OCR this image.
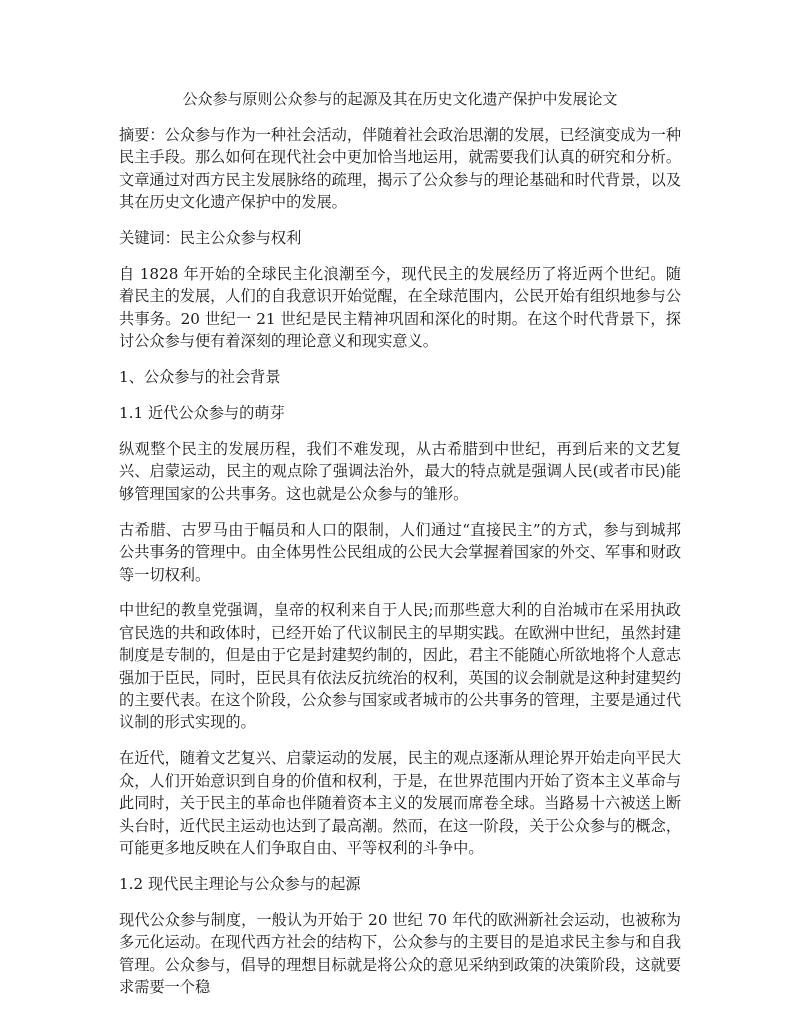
公众参与原则公众参与的起源及其在历史文化遗产保护中发展论文

摘要：公众参与作为一种社会活动，伴随着社会政治思潮的发展，已经演变成为一种民主手段。那么如何在现代社会中更加恰当地运用，就需要我们认真的研究和分析。文章通过对西方民主发展脉络的疏理，揭示了公众参与的理论基础和时代背景，以及其在历史文化遗产保护中的发展。

关键词：民主公众参与权利

自 1828 年开始的全球民主化浪潮至今，现代民主的发展经历了将近两个世纪。随着民主的发展，人们的自我意识开始觉醒，在全球范围内，公民开始有组织地参与公共事务。20 世纪一 21 世纪是民主精神巩固和深化的时期。在这个时代背景下，探讨公众参与便有着深刻的理论意义和现实意义。

1、公众参与的社会背景

1.1 近代公众参与的萌芽

纵观整个民主的发展历程，我们不难发现，从古希腊到中世纪，再到后来的文艺复兴、启蒙运动，民主的观点除了强调法治外，最大的特点就是强调人民(或者市民)能够管理国家的公共事务。这也就是公众参与的雏形。

古希腊、古罗马由于幅员和人口的限制，人们通过“直接民主”的方式，参与到城邦公共事务的管理中。由全体男性公民组成的公民大会掌握着国家的外交、军事和财政等一切权利。

中世纪的教皇党强调，皇帝的权利来自于人民;而那些意大利的自治城市在采用执政官民选的共和政体时，已经开始了代议制民主的早期实践。在欧洲中世纪，虽然封建制度是专制的，但是由于它是封建契约制的，因此，君主不能随心所欲地将个人意志强加于臣民，同时，臣民具有依法反抗统治的权利，英国的议会制就是这种封建契约的主要代表。在这个阶段，公众参与国家或者城市的公共事务的管理，主要是通过代议制的形式实现的。

在近代，随着文艺复兴、启蒙运动的发展，民主的观点逐渐从理论界开始走向平民大众，人们开始意识到自身的价值和权利，于是，在世界范围内开始了资本主义革命与此同时，关于民主的革命也伴随着资本主义的发展而席卷全球。当路易十六被送上断头台时，近代民主运动也达到了最高潮。然而，在这一阶段，关于公众参与的概念，可能更多地反映在人们争取自由、平等权利的斗争中。

1.2 现代民主理论与公众参与的起源

现代公众参与制度，一般认为开始于 20 世纪 70 年代的欧洲新社会运动，也被称为多元化运动。在现代西方社会的结构下，公众参与的主要目的是追求民主参与和自我管理。公众参与，倡导的理想目标就是将公众的意见采纳到政策的决策阶段，这就要求需要一个稳
